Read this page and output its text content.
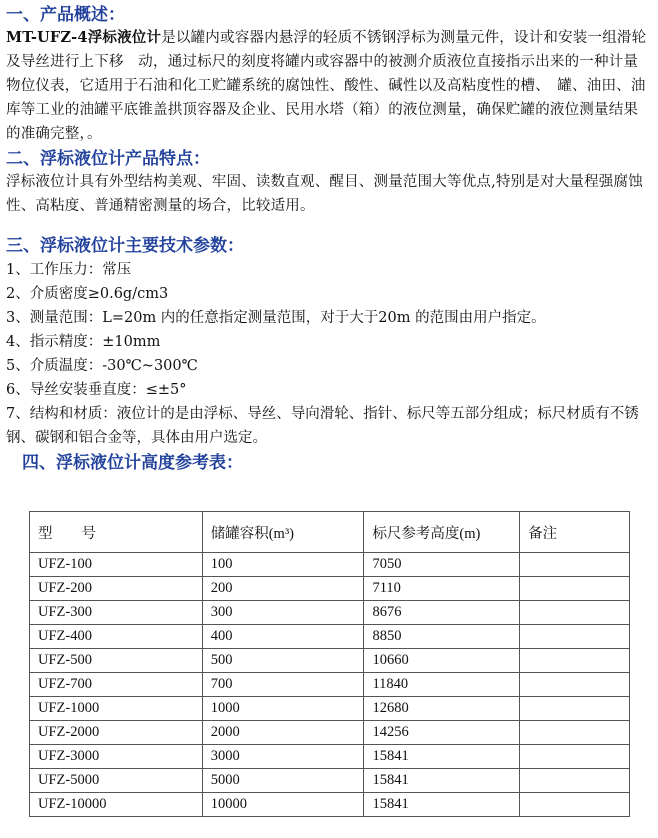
一、产品概述：
MT-UFZ-4浮标液位计是以罐内或容器内悬浮的轻质不锈钢浮标为测量元件，设计和安装一组滑轮及导丝进行上下移　动，通过标尺的刻度将罐内或容器中的被测介质液位直接指示出来的一种计量物位仪表，它适用于石油和化工贮罐系统的腐蚀性、酸性、碱性以及高粘度性的槽、　罐、油田、油库等工业的油罐平底锥盖拱顶容器及企业、民用水塔（箱）的液位测量，确保贮罐的液位测量结果的准确完整，。
二、浮标液位计产品特点：
浮标液位计具有外型结构美观、牢固、读数直观、醒目、测量范围大等优点,特别是对大量程强腐蚀性、高粘度、普通精密测量的场合，比较适用。
三、浮标液位计主要技术参数：
1、工作压力：常压
2、介质密度≥0.6g/cm3
3、测量范围：L=20m 内的任意指定测量范围，对于大于20m 的范围由用户指定。
4、指示精度：±10mm
5、介质温度：-30℃~300℃
6、导丝安装垂直度：≤±5°
7、结构和材质：液位计的是由浮标、导丝、导向滑轮、指针、标尺等五部分组成；标尺材质有不锈钢、碳钢和铝合金等，具体由用户选定。
四、浮标液位计高度参考表：
型　　号	储罐容积(m³)	标尺参考高度(m)	备注
UFZ-100	100	7050	
UFZ-200	200	7110	
UFZ-300	300	8676	
UFZ-400	400	8850	
UFZ-500	500	10660	
UFZ-700	700	11840	
UFZ-1000	1000	12680	
UFZ-2000	2000	14256	
UFZ-3000	3000	15841	
UFZ-5000	5000	15841	
UFZ-10000	10000	15841	
